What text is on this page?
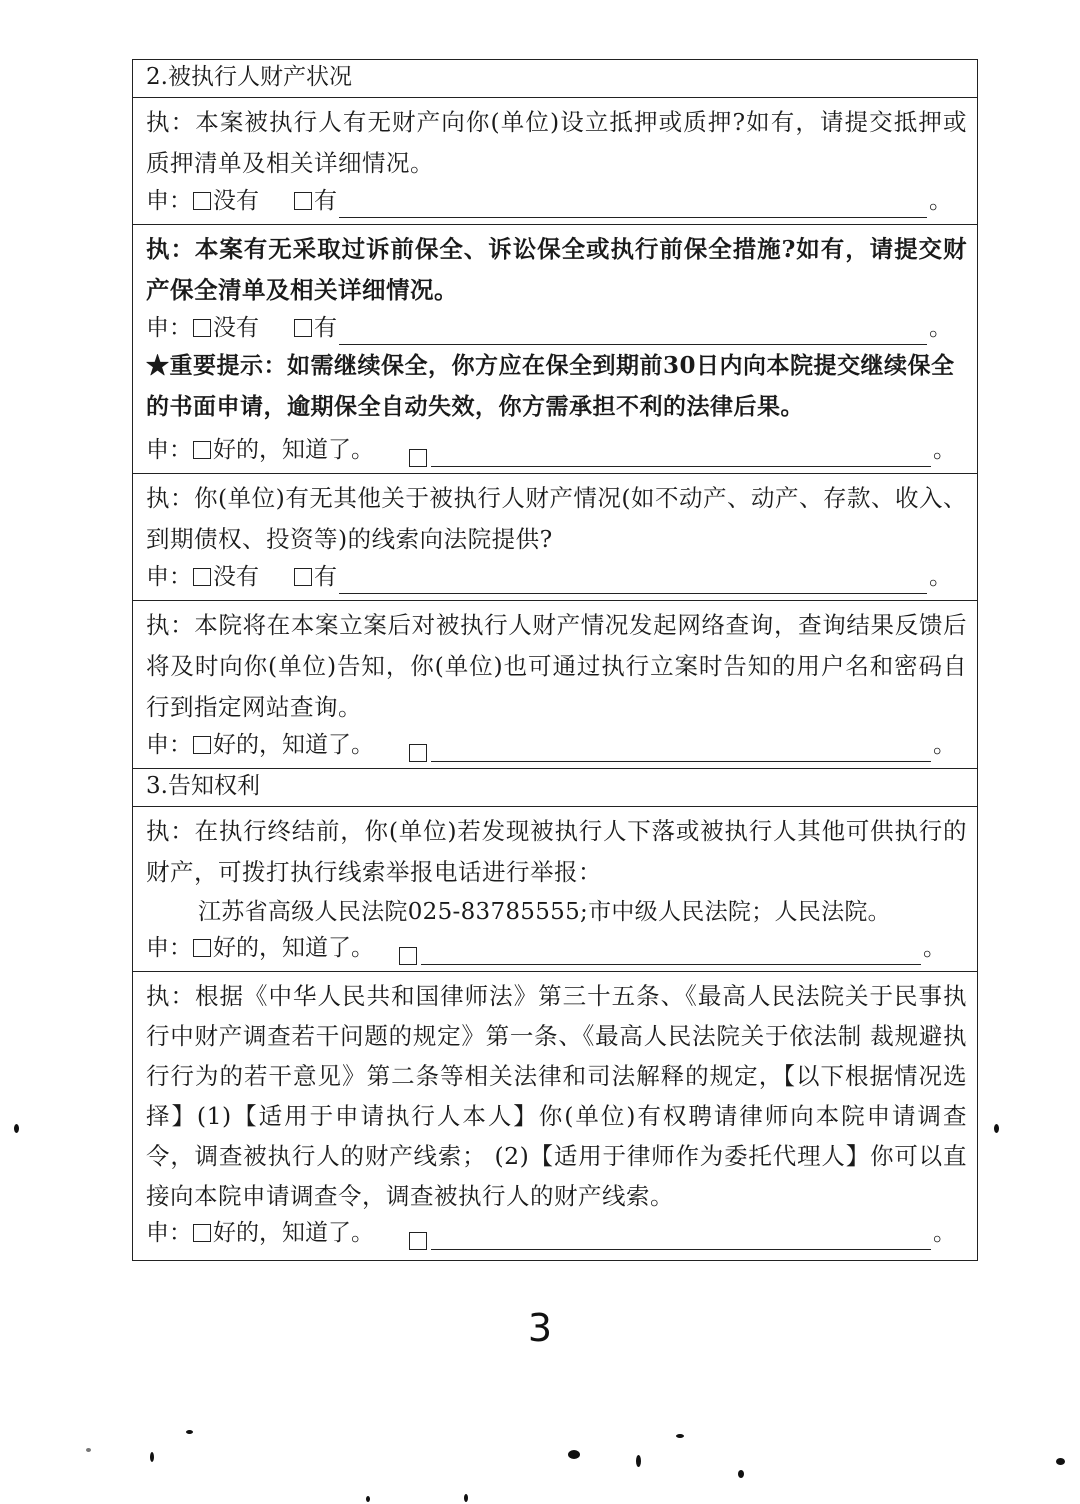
2.被执行人财产状况
执：本案被执行人有无财产向你(单位)设立抵押或质押?如有，请提交抵押或质押清单及相关详细情况。
申： 没有 有	。
执：本案有无采取过诉前保全、诉讼保全或执行前保全措施?如有，请提交财产保全清单及相关详细情况。
申： 没有 有	。
★重要提示：如需继续保全，你方应在保全到期前30日内向本院提交继续保全的书面申请，逾期保全自动失效，你方需承担不利的法律后果。
申： 好的，知道了。	。
执：你(单位)有无其他关于被执行人财产情况(如不动产、动产、存款、收入、到期债权、投资等)的线索向法院提供?
申： 没有 有	。
执：本院将在本案立案后对被执行人财产情况发起网络查询，查询结果反馈后将及时向你(单位)告知，你(单位)也可通过执行立案时告知的用户名和密码自行到指定网站查询。
申： 好的，知道了。	。
3.告知权利
执：在执行终结前，你(单位)若发现被执行人下落或被执行人其他可供执行的财产，可拨打执行线索举报电话进行举报：
江苏省高级人民法院025-83785555;市中级人民法院；人民法院。
申： 好的，知道了。	。
执：根据《中华人民共和国律师法》第三十五条、《最高人民法院关于民事执行中财产调查若干问题的规定》第一条、《最高人民法院关于依法制 裁规避执行行为的若干意见》第二条等相关法律和司法解释的规定，【以下根据情况选择】(1)【适用于申请执行人本人】你(单位)有权聘请律师向本院申请调查令，调查被执行人的财产线索； (2)【适用于律师作为委托代理人】你可以直接向本院申请调查令，调查被执行人的财产线索。
申： 好的，知道了。	。
3
